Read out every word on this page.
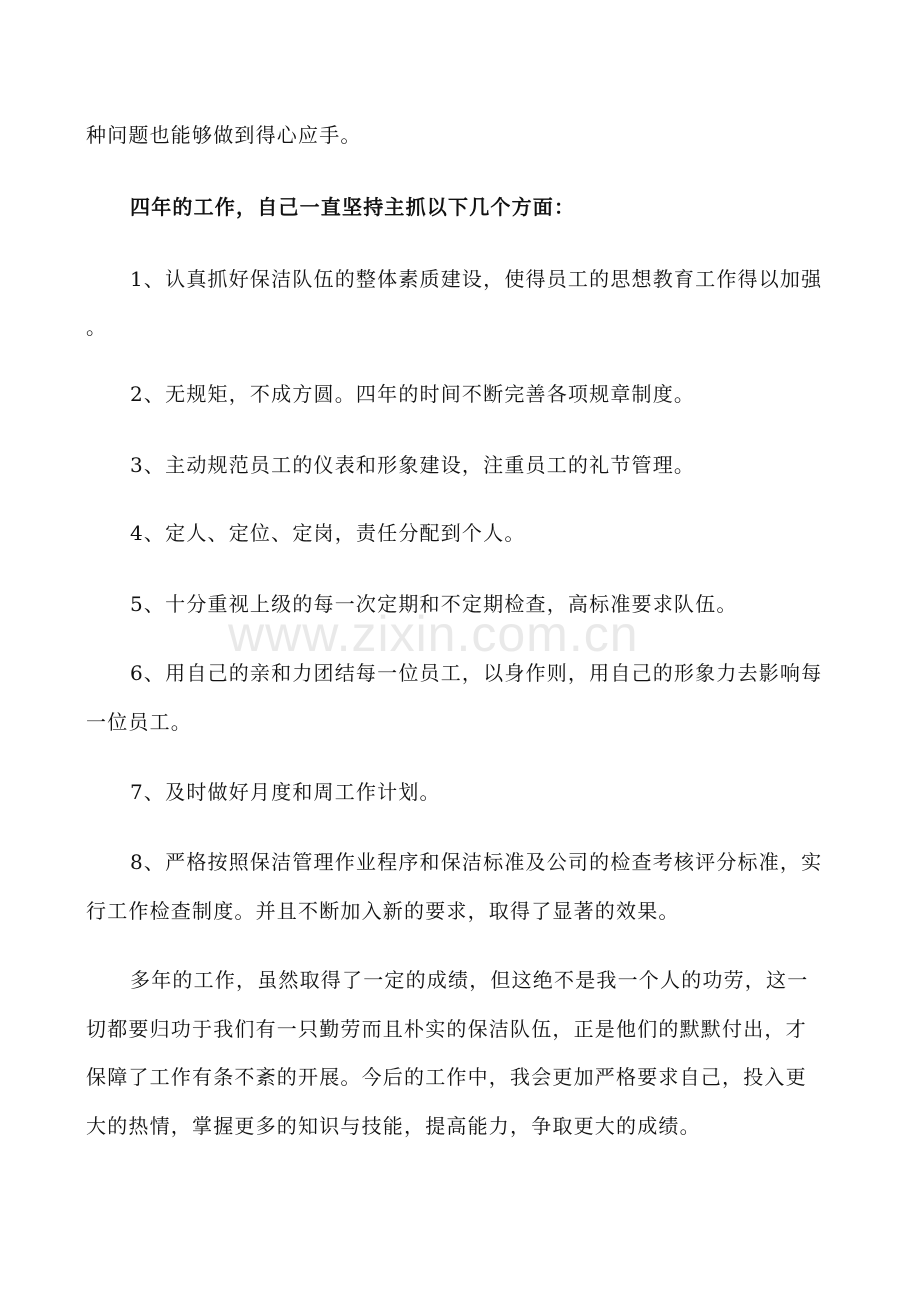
种问题也能够做到得心应手。
四年的工作，自己一直坚持主抓以下几个方面：
1、认真抓好保洁队伍的整体素质建设，使得员工的思想教育工作得以加强
。
2、无规矩，不成方圆。四年的时间不断完善各项规章制度。
3、主动规范员工的仪表和形象建设，注重员工的礼节管理。
4、定人、定位、定岗，责任分配到个人。
5、十分重视上级的每一次定期和不定期检查，高标准要求队伍。
6、用自己的亲和力团结每一位员工，以身作则，用自己的形象力去影响每
一位员工。
7、及时做好月度和周工作计划。
8、严格按照保洁管理作业程序和保洁标准及公司的检查考核评分标准，实
行工作检查制度。并且不断加入新的要求，取得了显著的效果。
多年的工作，虽然取得了一定的成绩，但这绝不是我一个人的功劳，这一
切都要归功于我们有一只勤劳而且朴实的保洁队伍，正是他们的默默付出，才
保障了工作有条不紊的开展。今后的工作中，我会更加严格要求自己，投入更
大的热情，掌握更多的知识与技能，提高能力，争取更大的成绩。
www.zixin.com.cn
